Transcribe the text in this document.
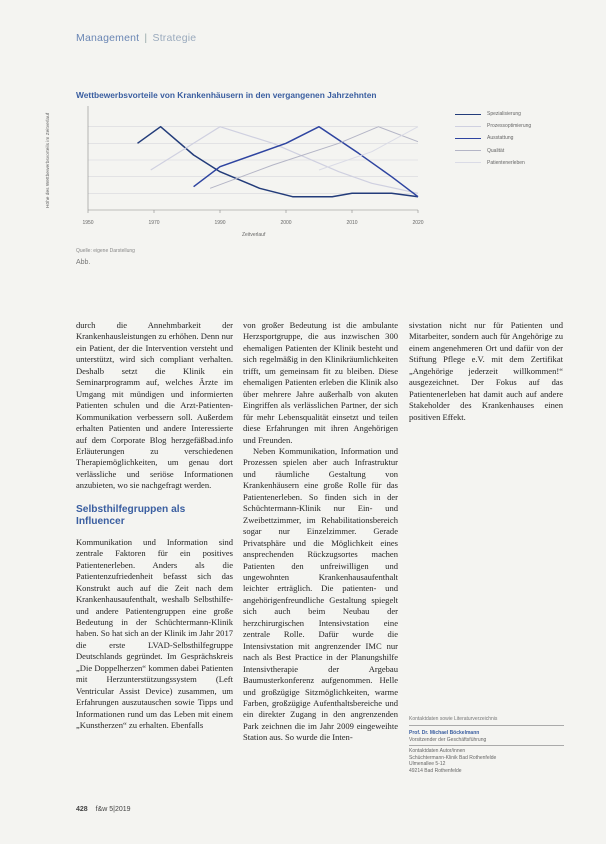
Management | Strategie
Wettbewerbsvorteile von Krankenhäusern in den vergangenen Jahrzehnten
1950	1970	1990	2000	2010	2020
Höhe des Wettbewerbsvorteils im Zeitverlauf
Zeitverlauf
Spezialisierung
Prozessoptimierung
Ausstattung
Qualität
Patientenerleben
Quelle: eigene Darstellung
Abb.

durch die Annehmbarkeit der Krankenhausleistungen zu erhöhen. Denn nur ein Patient, der die Intervention versteht und unterstützt, wird sich compliant verhalten. Deshalb setzt die Klinik ein Seminarprogramm auf, welches Ärzte im Umgang mit mündigen und informierten Patienten schulen und die Arzt-Patienten-Kommunikation verbessern soll. Außerdem erhalten Patienten und andere Interessierte auf dem Corporate Blog herzgefäßbad.info Erläuterungen zu verschiedenen Therapiemöglichkeiten, um genau dort verlässliche und seriöse Informationen anzubieten, wo sie nachgefragt werden.

Selbsthilfegruppen als Influencer

Kommunikation und Information sind zentrale Faktoren für ein positives Patientenerleben. Anders als die Patientenzufriedenheit befasst sich das Konstrukt auch auf die Zeit nach dem Krankenhausaufenthalt, weshalb Selbsthilfe- und andere Patientengruppen eine große Bedeutung in der Schüchtermann-Klinik haben. So hat sich an der Klinik im Jahr 2017 die erste LVAD-Selbsthilfegruppe Deutschlands gegründet. Im Gesprächskreis „Die Doppelherzen“ kommen dabei Patienten mit Herzunterstützungssystem (Left Ventricular Assist Device) zusammen, um Erfahrungen auszutauschen sowie Tipps und Informationen rund um das Leben mit einem „Kunstherzen“ zu erhalten. Ebenfalls

von großer Bedeutung ist die ambulante Herzsportgruppe, die aus inzwischen 300 ehemaligen Patienten der Klinik besteht und sich regelmäßig in den Klinikräumlichkeiten trifft, um gemeinsam fit zu bleiben. Diese ehemaligen Patienten erleben die Klinik also über mehrere Jahre außerhalb von akuten Eingriffen als verlässlichen Partner, der sich für mehr Lebensqualität einsetzt und teilen diese Erfahrungen mit ihren Angehörigen und Freunden.

Neben Kommunikation, Information und Prozessen spielen aber auch Infrastruktur und räumliche Gestaltung von Krankenhäusern eine große Rolle für das Patientenerleben. So finden sich in der Schüchtermann-Klinik nur Ein- und Zweibettzimmer, im Rehabilitationsbereich sogar nur Einzelzimmer. Gerade Privatsphäre und die Möglichkeit eines ansprechenden Rückzugsortes machen Patienten den unfreiwilligen und ungewohnten Krankenhausaufenthalt leichter erträglich. Die patienten- und angehörigenfreundliche Gestaltung spiegelt sich auch beim Neubau der herzchirurgischen Intensivstation eine zentrale Rolle. Dafür wurde die Intensivstation mit angrenzender IMC nur nach als Best Practice in der Planungshilfe Intensivtherapie der Argebau Baumusterkonferenz aufgenommen. Helle und großzügige Sitzmöglichkeiten, warme Farben, großzügige Aufenthaltsbereiche und ein direkter Zugang in den angrenzenden Park zeichnen die im Jahr 2009 eingeweihte Station aus. So wurde die Inten-

sivstation nicht nur für Patienten und Mitarbeiter, sondern auch für Angehörige zu einem angenehmeren Ort und dafür von der Stiftung Pflege e.V. mit dem Zertifikat „Angehörige jederzeit willkommen!“ ausgezeichnet. Der Fokus auf das Patientenerleben hat damit auch auf andere Stakeholder des Krankenhauses einen positiven Effekt.

Kontaktdaten sowie Literaturverzeichnis
Prof. Dr. Michael Böckelmann
Vorsitzender der Geschäftsführung
Kontaktdaten Autor/innen
Schüchtermann-Klinik Bad Rothenfelde
Ulmenallee 5-12
49214 Bad Rothenfelde
428 f&w 5|2019
